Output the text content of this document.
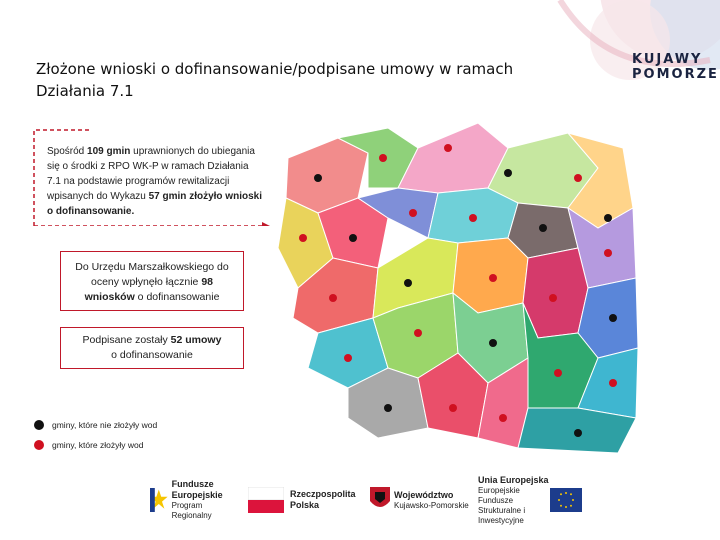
Złożone wnioski o dofinansowanie/podpisane umowy w ramach
Działania 7.1
KUJAWY
POMORZE
Spośród 109 gmin uprawnionych do ubiegania się o środki z RPO WK-P w ramach Działania 7.1 na podstawie programów rewitalizacji wpisanych do Wykazu 57 gmin złożyło wnioski o dofinansowanie.
Do Urzędu Marszałkowskiego do oceny wpłynęło łącznie 98 wniosków o dofinansowanie
Podpisane zostały 52 umowy
o dofinansowanie
gminy, które nie złożyły wod
gminy, które złożyły wod
Fundusze
Europejskie
Program Regionalny
Rzeczpospolita
Polska
Województwo
Kujawsko-Pomorskie
Unia Europejska
Europejskie Fundusze
Strukturalne i Inwestycyjne
